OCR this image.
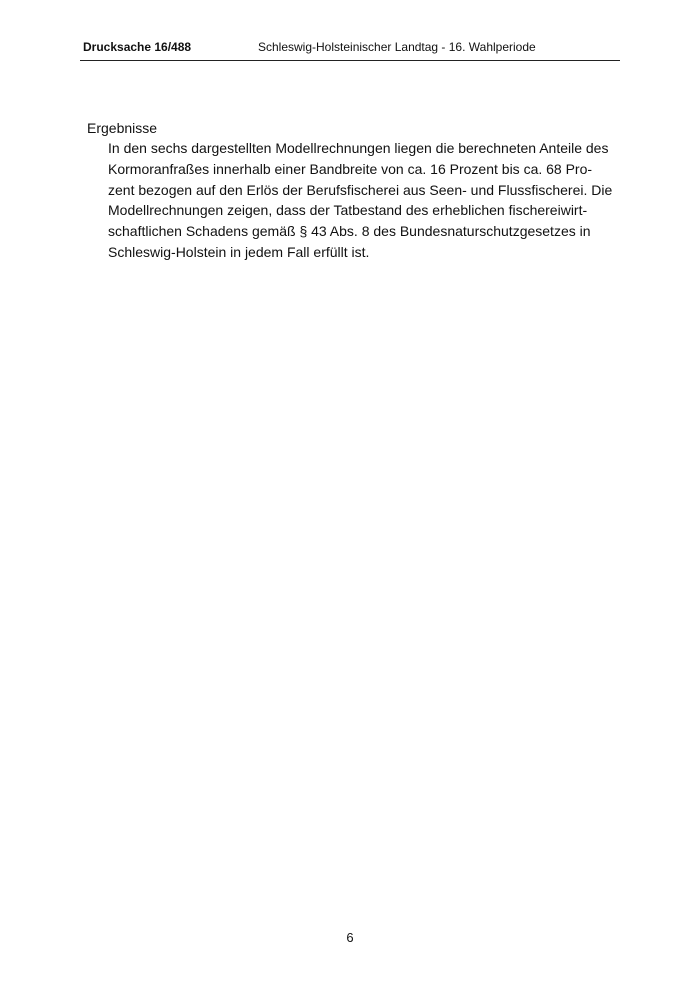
Drucksache 16/488	Schleswig-Holsteinischer Landtag - 16. Wahlperiode
Ergebnisse
In den sechs dargestellten Modellrechnungen liegen die berechneten Anteile des
Kormoranfraßes innerhalb einer Bandbreite von ca. 16 Prozent bis ca. 68 Pro-
zent bezogen auf den Erlös der Berufsfischerei aus Seen- und Flussfischerei. Die
Modellrechnungen zeigen, dass der Tatbestand des erheblichen fischereiwirt-
schaftlichen Schadens gemäß § 43 Abs. 8 des Bundesnaturschutzgesetzes in
Schleswig-Holstein in jedem Fall erfüllt ist.
6
